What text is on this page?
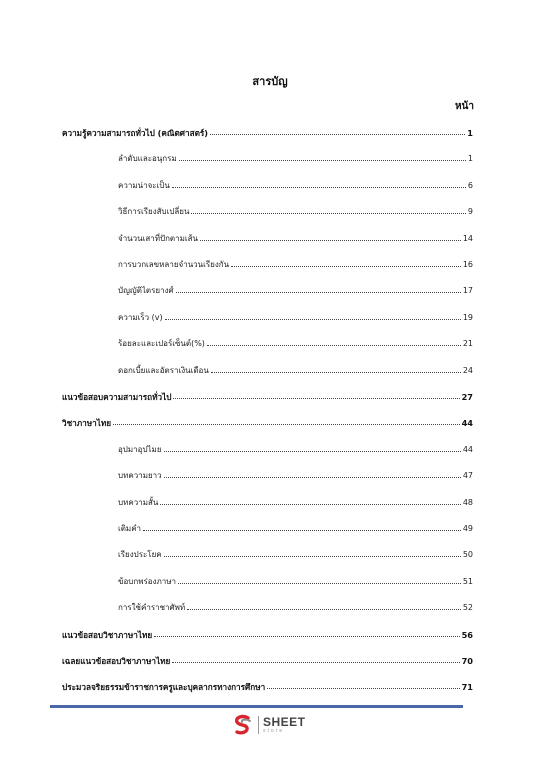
สารบัญ
หน้า
ความรู้ความสามารถทั่วไป (คณิตศาสตร์)	1
ลำดับและอนุกรม	1
ความน่าจะเป็น	6
วิธีการเรียงสับเปลี่ยน	9
จำนวนเสาที่ปักตามเส้น	14
การบวกเลขหลายจำนวนเรียงกัน	16
บัญญัติไตรยางศ์	17
ความเร็ว (v)	19
ร้อยละและเปอร์เซ็นต์(%)	21
ดอกเบี้ยและอัตราเงินเดือน	24
แนวข้อสอบความสามารถทั่วไป	27
วิชาภาษาไทย	44
อุปมาอุปไมย	44
บทความยาว	47
บทความสั้น	48
เติมคำ	49
เรียงประโยค	50
ข้อบกพร่องภาษา	51
การใช้คำราชาศัพท์	52
แนวข้อสอบวิชาภาษาไทย	56
เฉลยแนวข้อสอบวิชาภาษาไทย	70
ประมวลจริยธรรมข้าราชการครูและบุคลากรทางการศึกษา	71
SHEET
store
